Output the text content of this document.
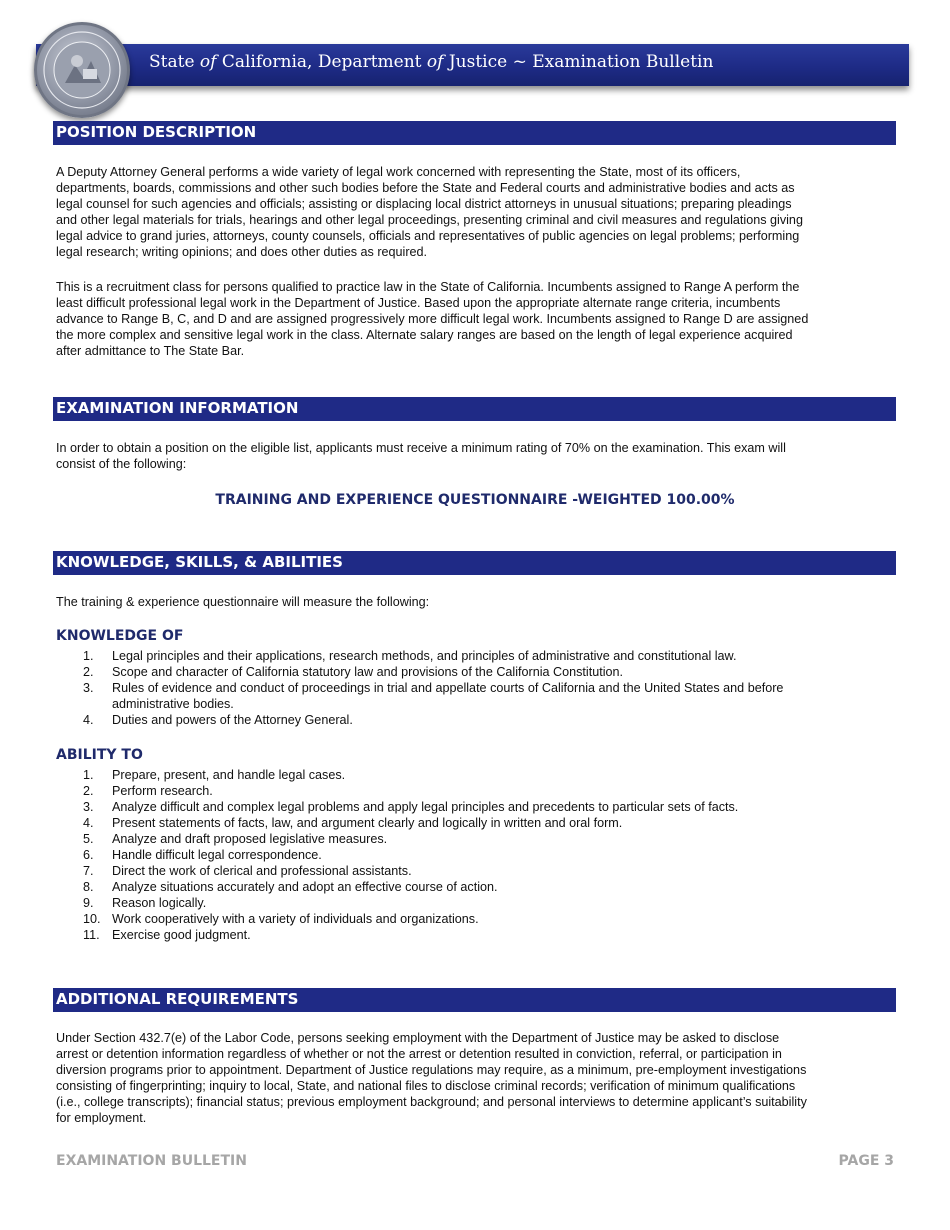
State of California, Department of Justice ~ Examination Bulletin
POSITION DESCRIPTION
A Deputy Attorney General performs a wide variety of legal work concerned with representing the State, most of its officers,
departments, boards, commissions and other such bodies before the State and Federal courts and administrative bodies and acts as
legal counsel for such agencies and officials; assisting or displacing local district attorneys in unusual situations; preparing pleadings
and other legal materials for trials, hearings and other legal proceedings, presenting criminal and civil measures and regulations giving
legal advice to grand juries, attorneys, county counsels, officials and representatives of public agencies on legal problems; performing
legal research; writing opinions; and does other duties as required.
This is a recruitment class for persons qualified to practice law in the State of California. Incumbents assigned to Range A perform the
least difficult professional legal work in the Department of Justice. Based upon the appropriate alternate range criteria, incumbents
advance to Range B, C, and D and are assigned progressively more difficult legal work. Incumbents assigned to Range D are assigned
the more complex and sensitive legal work in the class. Alternate salary ranges are based on the length of legal experience acquired
after admittance to The State Bar.
EXAMINATION INFORMATION
In order to obtain a position on the eligible list, applicants must receive a minimum rating of 70% on the examination. This exam will
consist of the following:
TRAINING AND EXPERIENCE QUESTIONNAIRE -WEIGHTED 100.00%
KNOWLEDGE, SKILLS, & ABILITIES
The training & experience questionnaire will measure the following:
KNOWLEDGE OF
1. Legal principles and their applications, research methods, and principles of administrative and constitutional law.
2. Scope and character of California statutory law and provisions of the California Constitution.
3. Rules of evidence and conduct of proceedings in trial and appellate courts of California and the United States and before
administrative bodies.
4. Duties and powers of the Attorney General.
ABILITY TO
1. Prepare, present, and handle legal cases.
2. Perform research.
3. Analyze difficult and complex legal problems and apply legal principles and precedents to particular sets of facts.
4. Present statements of facts, law, and argument clearly and logically in written and oral form.
5. Analyze and draft proposed legislative measures.
6. Handle difficult legal correspondence.
7. Direct the work of clerical and professional assistants.
8. Analyze situations accurately and adopt an effective course of action.
9. Reason logically.
10. Work cooperatively with a variety of individuals and organizations.
11. Exercise good judgment.
ADDITIONAL REQUIREMENTS
Under Section 432.7(e) of the Labor Code, persons seeking employment with the Department of Justice may be asked to disclose
arrest or detention information regardless of whether or not the arrest or detention resulted in conviction, referral, or participation in
diversion programs prior to appointment. Department of Justice regulations may require, as a minimum, pre-employment investigations
consisting of fingerprinting; inquiry to local, State, and national files to disclose criminal records; verification of minimum qualifications
(i.e., college transcripts); financial status; previous employment background; and personal interviews to determine applicant’s suitability
for employment.
EXAMINATION BULLETIN	PAGE 3
